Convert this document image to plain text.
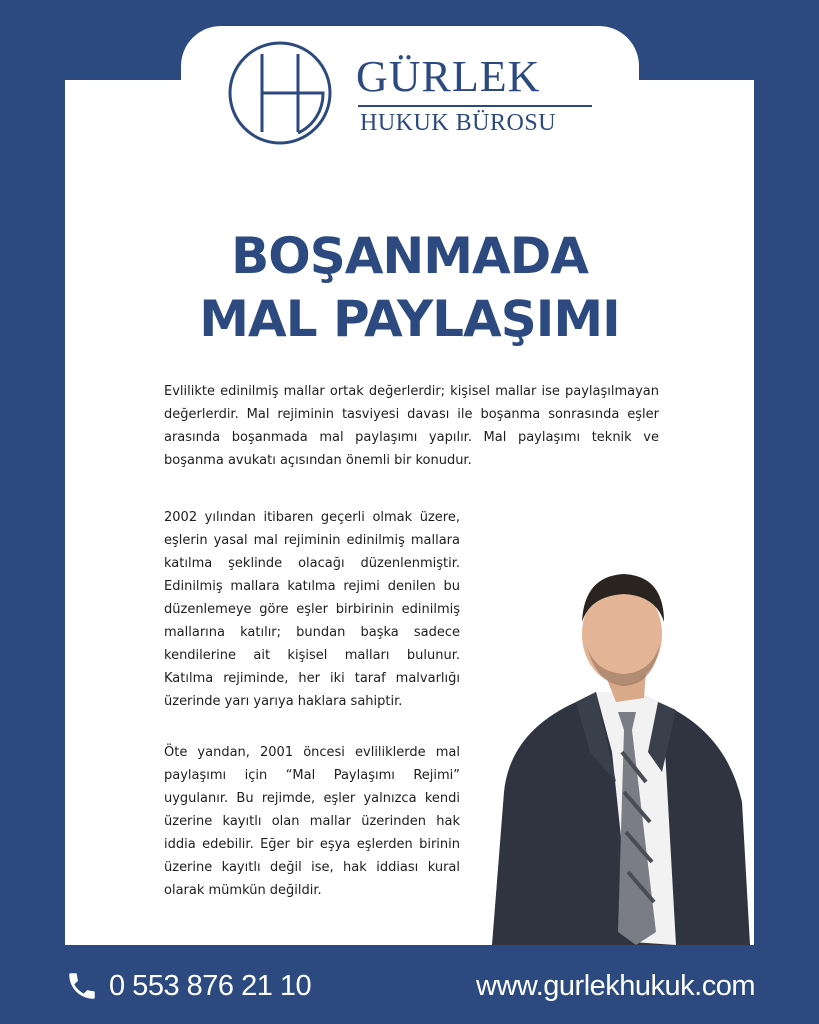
GÜRLEK
HUKUK BÜROSU
BOŞANMADA
MAL PAYLAŞIMI

Evlilikte edinilmiş mallar ortak değerlerdir; kişisel mallar ise paylaşılmayan değerlerdir. Mal rejiminin tasviyesi davası ile boşanma sonrasında eşler arasında boşanmada mal paylaşımı yapılır. Mal paylaşımı teknik ve boşanma avukatı açısından önemli bir konudur.

2002 yılından itibaren geçerli olmak üzere, eşlerin yasal mal rejiminin edinilmiş mallara katılma şeklinde olacağı düzenlenmiştir. Edinilmiş mallara katılma rejimi denilen bu düzenlemeye göre eşler birbirinin edinilmiş mallarına katılır; bundan başka sadece kendilerine ait kişisel malları bulunur. Katılma rejiminde, her iki taraf malvarlığı üzerinde yarı yarıya haklara sahiptir.

Öte yandan, 2001 öncesi evliliklerde mal paylaşımı için “Mal Paylaşımı Rejimi” uygulanır. Bu rejimde, eşler yalnızca kendi üzerine kayıtlı olan mallar üzerinden hak iddia edebilir. Eğer bir eşya eşlerden birinin üzerine kayıtlı değil ise, hak iddiası kural olarak mümkün değildir.

0 553 876 21 10	www.gurlekhukuk.com
